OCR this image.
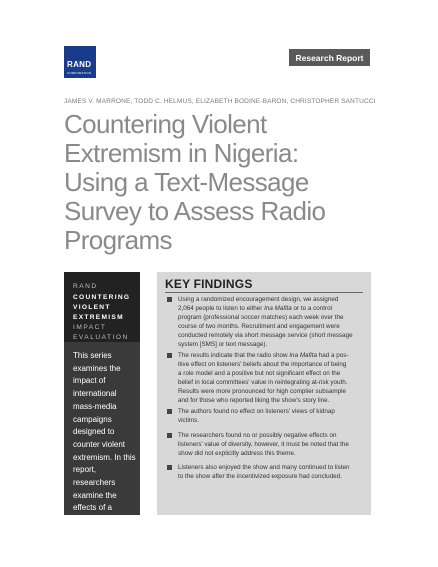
RAND
CORPORATION
Research Report
JAMES V. MARRONE, TODD C. HELMUS, ELIZABETH BODINE-BARON, CHRISTOPHER SANTUCCI
Countering Violent
Extremism in Nigeria:
Using a Text-Message
Survey to Assess Radio
Programs
RAND
COUNTERING
VIOLENT
EXTREMISM
IMPACT
EVALUATION

This series examines the impact of international mass-media campaigns designed to counter violent extremism. In this report, researchers examine the effects of a campaign in northern Nigeria.

KEY FINDINGS

Using a randomized encouragement design, we assigned
2,064 people to listen to either Ina Mafita or to a control
program (professional soccer matches) each week over the
course of two months. Recruitment and engagement were
conducted remotely via short message service (short message
system [SMS] or text message).

The results indicate that the radio show Ina Mafita had a pos-
itive effect on listeners' beliefs about the importance of being
a role model and a positive but not significant effect on the
belief in local committees' value in reintegrating at-risk youth.
Results were more pronounced for high complier subsample
and for those who reported liking the show's story line.

The authors found no effect on listeners' views of kidnap
victims.

The researchers found no or possibly negative effects on
listeners' value of diversity, however, it must be noted that the
show did not explicitly address this theme.

Listeners also enjoyed the show and many continued to listen
to the show after the incentivized exposure had concluded.
